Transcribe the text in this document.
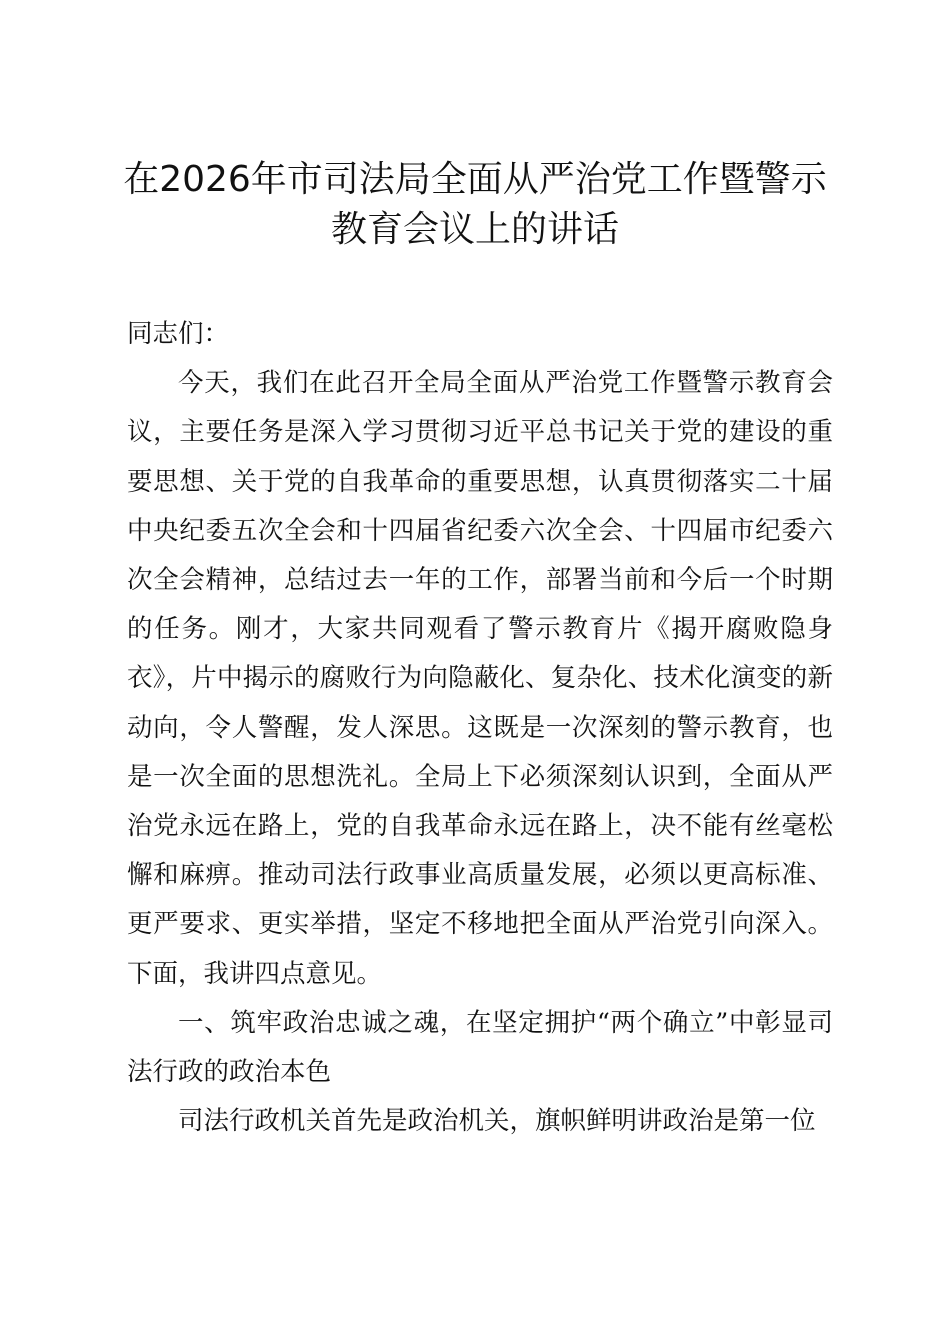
在2026年市司法局全面从严治党工作暨警示
教育会议上的讲话

同志们：

今天，我们在此召开全局全面从严治党工作暨警示教育会议，主要任务是深入学习贯彻习近平总书记关于党的建设的重要思想、关于党的自我革命的重要思想，认真贯彻落实二十届中央纪委五次全会和十四届省纪委六次全会、十四届市纪委六次全会精神，总结过去一年的工作，部署当前和今后一个时期的任务。刚才，大家共同观看了警示教育片《揭开腐败隐身衣》，片中揭示的腐败行为向隐蔽化、复杂化、技术化演变的新动向，令人警醒，发人深思。这既是一次深刻的警示教育，也是一次全面的思想洗礼。全局上下必须深刻认识到，全面从严治党永远在路上，党的自我革命永远在路上，决不能有丝毫松懈和麻痹。推动司法行政事业高质量发展，必须以更高标准、更严要求、更实举措，坚定不移地把全面从严治党引向深入。下面，我讲四点意见。

一、筑牢政治忠诚之魂，在坚定拥护“两个确立”中彰显司法行政的政治本色

司法行政机关首先是政治机关，旗帜鲜明讲政治是第一位
